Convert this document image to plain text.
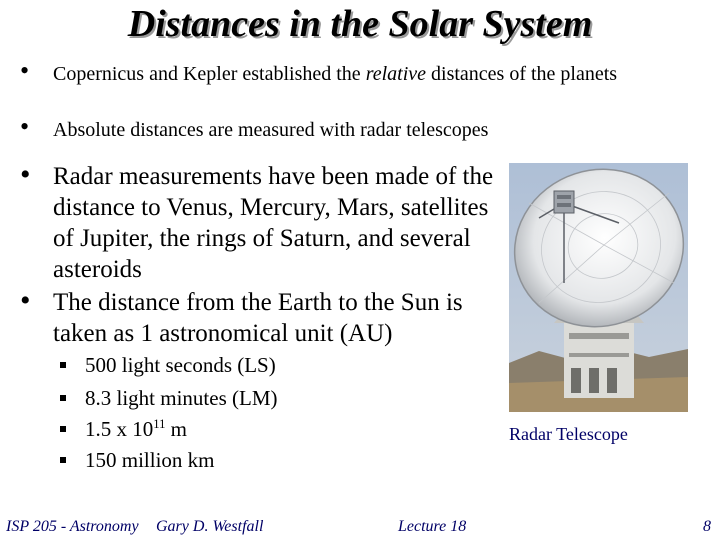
Distances in the Solar System
• Copernicus and Kepler established the relative distances of the planets
• Absolute distances are measured with radar telescopes
• Radar measurements have been made of the distance to Venus, Mercury, Mars, satellites of Jupiter, the rings of Saturn, and several asteroids
• The distance from the Earth to the Sun is taken as 1 astronomical unit (AU)
500 light seconds (LS)
8.3 light minutes (LM)
1.5 x $10^{11}$ m
150 million km
Radar Telescope
ISP 205 - Astronomy Gary D. Westfall	Lecture 18	8
